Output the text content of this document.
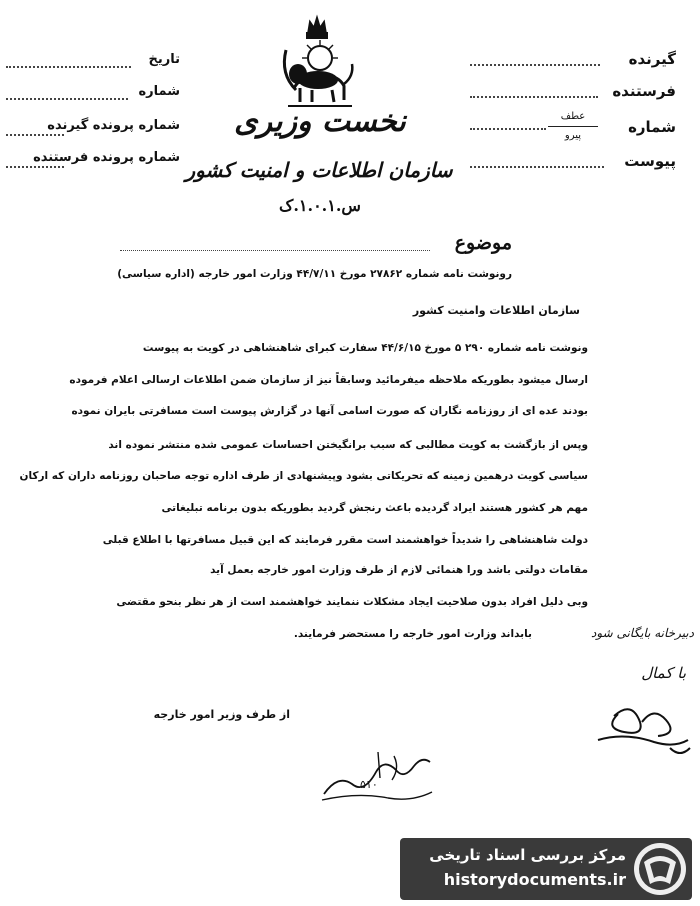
تاریخ
شماره
شماره پرونده گیرنده
شماره پرونده فرستنده
گیرنده
فرستنده
شماره
عطف
پیرو
پیوست
نخست وزیری
سازمان اطلاعات و امنیت کشور
س.۱.۰.۱.ک
موضوع
رونوشت نامه شماره ۲۷۸۶۲ مورخ ۴۴/۷/۱۱ وزارت امور خارجه (اداره سیاسی)
سازمان اطلاعات وامنیت کشور
ونوشت نامه شماره ۲۹۰ ۵ مورخ ۴۴/۶/۱۵ سفارت کبرای شاهنشاهی در کویت به پیوست
ارسال میشود بطوریکه ملاحظه میفرمائید وسابقاً نیز از سازمان ضمن اطلاعات ارسالی اعلام فرموده
بودند عده ای از روزنامه نگاران که صورت اسامی آنها در گزارش پیوست است مسافرتی بایران نموده
وپس از بازگشت به کویت مطالبی که سبب برانگیختن احساسات عمومی شده منتشر نموده اند
سیاسی کویت درهمین زمینه که تحریکاتی بشود وپیشنهادی از طرف اداره توجه صاحبان روزنامه داران که ارکان
مهم هر کشور هستند ایراد گردیده باعث رنجش گردید بطوریکه بدون برنامه تبلیغاتی
دولت شاهنشاهی را شدیداً خواهشمند است مقرر فرمایند که این قبیل مسافرتها با اطلاع قبلی
مقامات دولتی باشد ورا هنمائی لازم از طرف وزارت امور خارجه بعمل آید
وبی دلیل افراد بدون صلاحیت ایجاد مشکلات ننمایند خواهشمند است از هر نظر بنحو مقتضی
بابداند وزارت امور خارجه را مستحضر فرمایند.
از طرف وزیر امور خارجه
دبیرخانه بایگانی شود
با کمال
۵۱۰
مرکز بررسی اسناد تاریخی
historydocuments.ir
